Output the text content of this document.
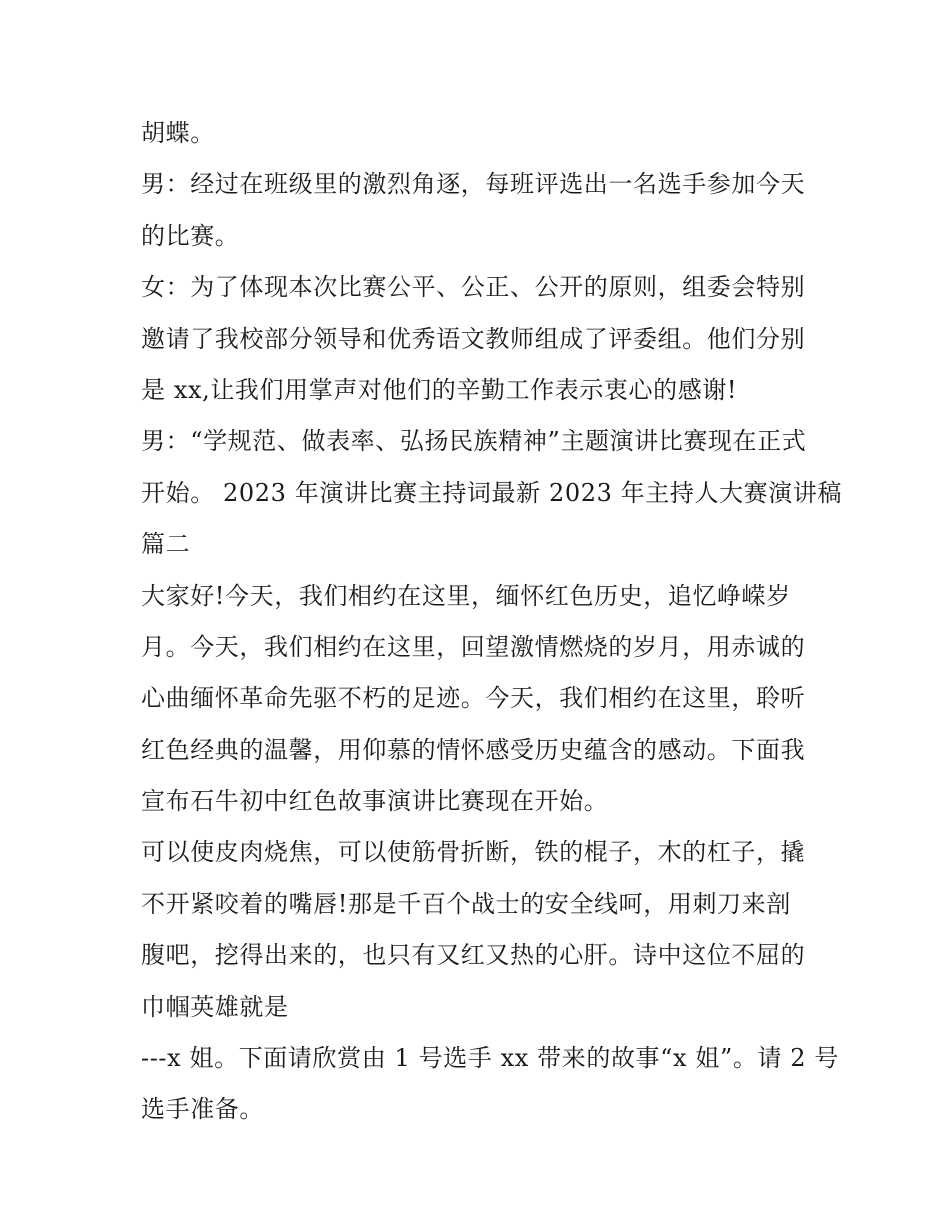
胡蝶。
男：经过在班级里的激烈角逐，每班评选出一名选手参加今天
的比赛。
女：为了体现本次比赛公平、公正、公开的原则，组委会特别
邀请了我校部分领导和优秀语文教师组成了评委组。他们分别
是 xx,让我们用掌声对他们的辛勤工作表示衷心的感谢!
男：“学规范、做表率、弘扬民族精神”主题演讲比赛现在正式
开始。 2023 年演讲比赛主持词最新 2023 年主持人大赛演讲稿
篇二
大家好!今天，我们相约在这里，缅怀红色历史，追忆峥嵘岁
月。今天，我们相约在这里，回望激情燃烧的岁月，用赤诚的
心曲缅怀革命先驱不朽的足迹。今天，我们相约在这里，聆听
红色经典的温馨，用仰慕的情怀感受历史蕴含的感动。下面我
宣布石牛初中红色故事演讲比赛现在开始。
可以使皮肉烧焦，可以使筋骨折断，铁的棍子，木的杠子，撬
不开紧咬着的嘴唇!那是千百个战士的安全线呵，用刺刀来剖
腹吧，挖得出来的，也只有又红又热的心肝。诗中这位不屈的
巾帼英雄就是
---x 姐。下面请欣赏由 1 号选手 xx 带来的故事“x 姐”。请 2 号
选手准备。
